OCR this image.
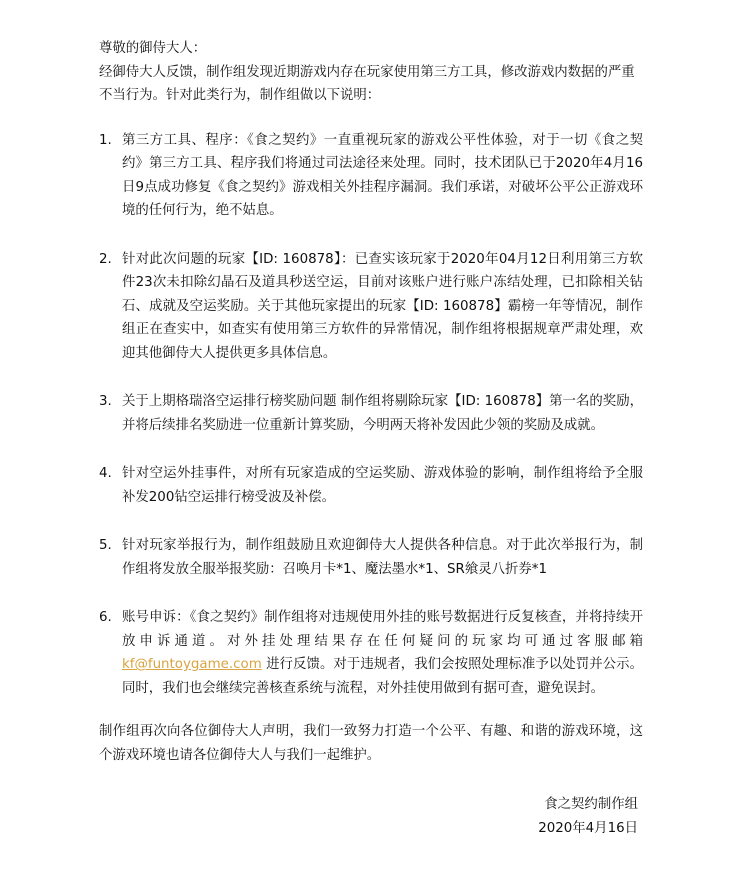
尊敬的御侍大人：

经御侍大人反馈，制作组发现近期游戏内存在玩家使用第三方工具，修改游戏内数据的严重不当行为。针对此类行为，制作组做以下说明：

1. 第三方工具、程序：《食之契约》一直重视玩家的游戏公平性体验，对于一切《食之契约》第三方工具、程序我们将通过司法途径来处理。同时，技术团队已于2020年4月16日9点成功修复《食之契约》游戏相关外挂程序漏洞。我们承诺，对破坏公平公正游戏环境的任何行为，绝不姑息。
2. 针对此次问题的玩家【ID: 160878】：已查实该玩家于2020年04月12日利用第三方软件23次未扣除幻晶石及道具秒送空运，目前对该账户进行账户冻结处理，已扣除相关钻石、成就及空运奖励。关于其他玩家提出的玩家【ID: 160878】霸榜一年等情况，制作组正在查实中，如查实有使用第三方软件的异常情况，制作组将根据规章严肃处理，欢迎其他御侍大人提供更多具体信息。
3. 关于上期格瑞洛空运排行榜奖励问题 制作组将剔除玩家【ID: 160878】第一名的奖励，并将后续排名奖励进一位重新计算奖励，今明两天将补发因此少领的奖励及成就。
4. 针对空运外挂事件，对所有玩家造成的空运奖励、游戏体验的影响，制作组将给予全服补发200钻空运排行榜受波及补偿。
5. 针对玩家举报行为，制作组鼓励且欢迎御侍大人提供各种信息。对于此次举报行为，制作组将发放全服举报奖励：召唤月卡*1、魔法墨水*1、SR飨灵八折券*1
6. 账号申诉：《食之契约》制作组将对违规使用外挂的账号数据进行反复核查，并将持续开放申诉通道。对外挂处理结果存在任何疑问的玩家均可通过客服邮箱 kf@funtoygame.com 进行反馈。对于违规者，我们会按照处理标准予以处罚并公示。同时，我们也会继续完善核查系统与流程，对外挂使用做到有据可查，避免误封。

制作组再次向各位御侍大人声明，我们一致努力打造一个公平、有趣、和谐的游戏环境，这个游戏环境也请各位御侍大人与我们一起维护。

食之契约制作组
2020年4月16日
